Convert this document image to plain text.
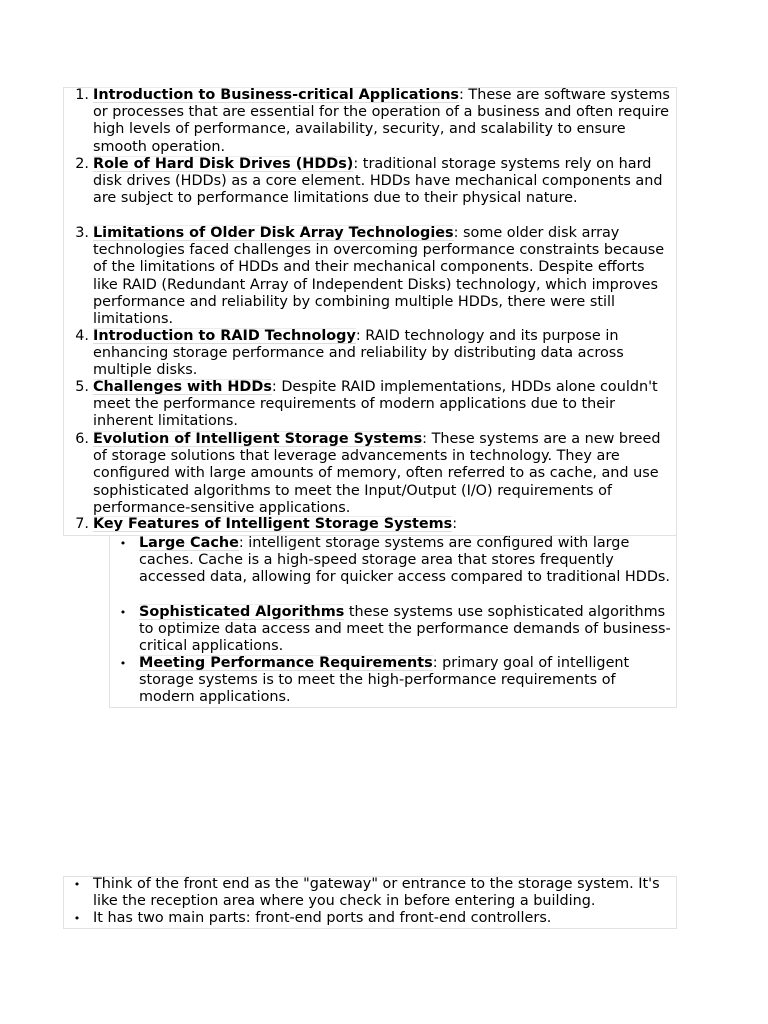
1. Introduction to Business-critical Applications: These are software systems or processes that are essential for the operation of a business and often require high levels of performance, availability, security, and scalability to ensure smooth operation.
2. Role of Hard Disk Drives (HDDs): traditional storage systems rely on hard disk drives (HDDs) as a core element. HDDs have mechanical components and are subject to performance limitations due to their physical nature.
3. Limitations of Older Disk Array Technologies: some older disk array technologies faced challenges in overcoming performance constraints because of the limitations of HDDs and their mechanical components. Despite efforts like RAID (Redundant Array of Independent Disks) technology, which improves performance and reliability by combining multiple HDDs, there were still limitations.
4. Introduction to RAID Technology: RAID technology and its purpose in enhancing storage performance and reliability by distributing data across multiple disks.
5. Challenges with HDDs: Despite RAID implementations, HDDs alone couldn't meet the performance requirements of modern applications due to their inherent limitations.
6. Evolution of Intelligent Storage Systems: These systems are a new breed of storage solutions that leverage advancements in technology. They are configured with large amounts of memory, often referred to as cache, and use sophisticated algorithms to meet the Input/Output (I/O) requirements of performance-sensitive applications.
7. Key Features of Intelligent Storage Systems:
• Large Cache: intelligent storage systems are configured with large caches. Cache is a high-speed storage area that stores frequently accessed data, allowing for quicker access compared to traditional HDDs.
• Sophisticated Algorithms these systems use sophisticated algorithms to optimize data access and meet the performance demands of business-critical applications.
• Meeting Performance Requirements: primary goal of intelligent storage systems is to meet the high-performance requirements of modern applications.
• Think of the front end as the "gateway" or entrance to the storage system. It's like the reception area where you check in before entering a building.
• It has two main parts: front-end ports and front-end controllers.
